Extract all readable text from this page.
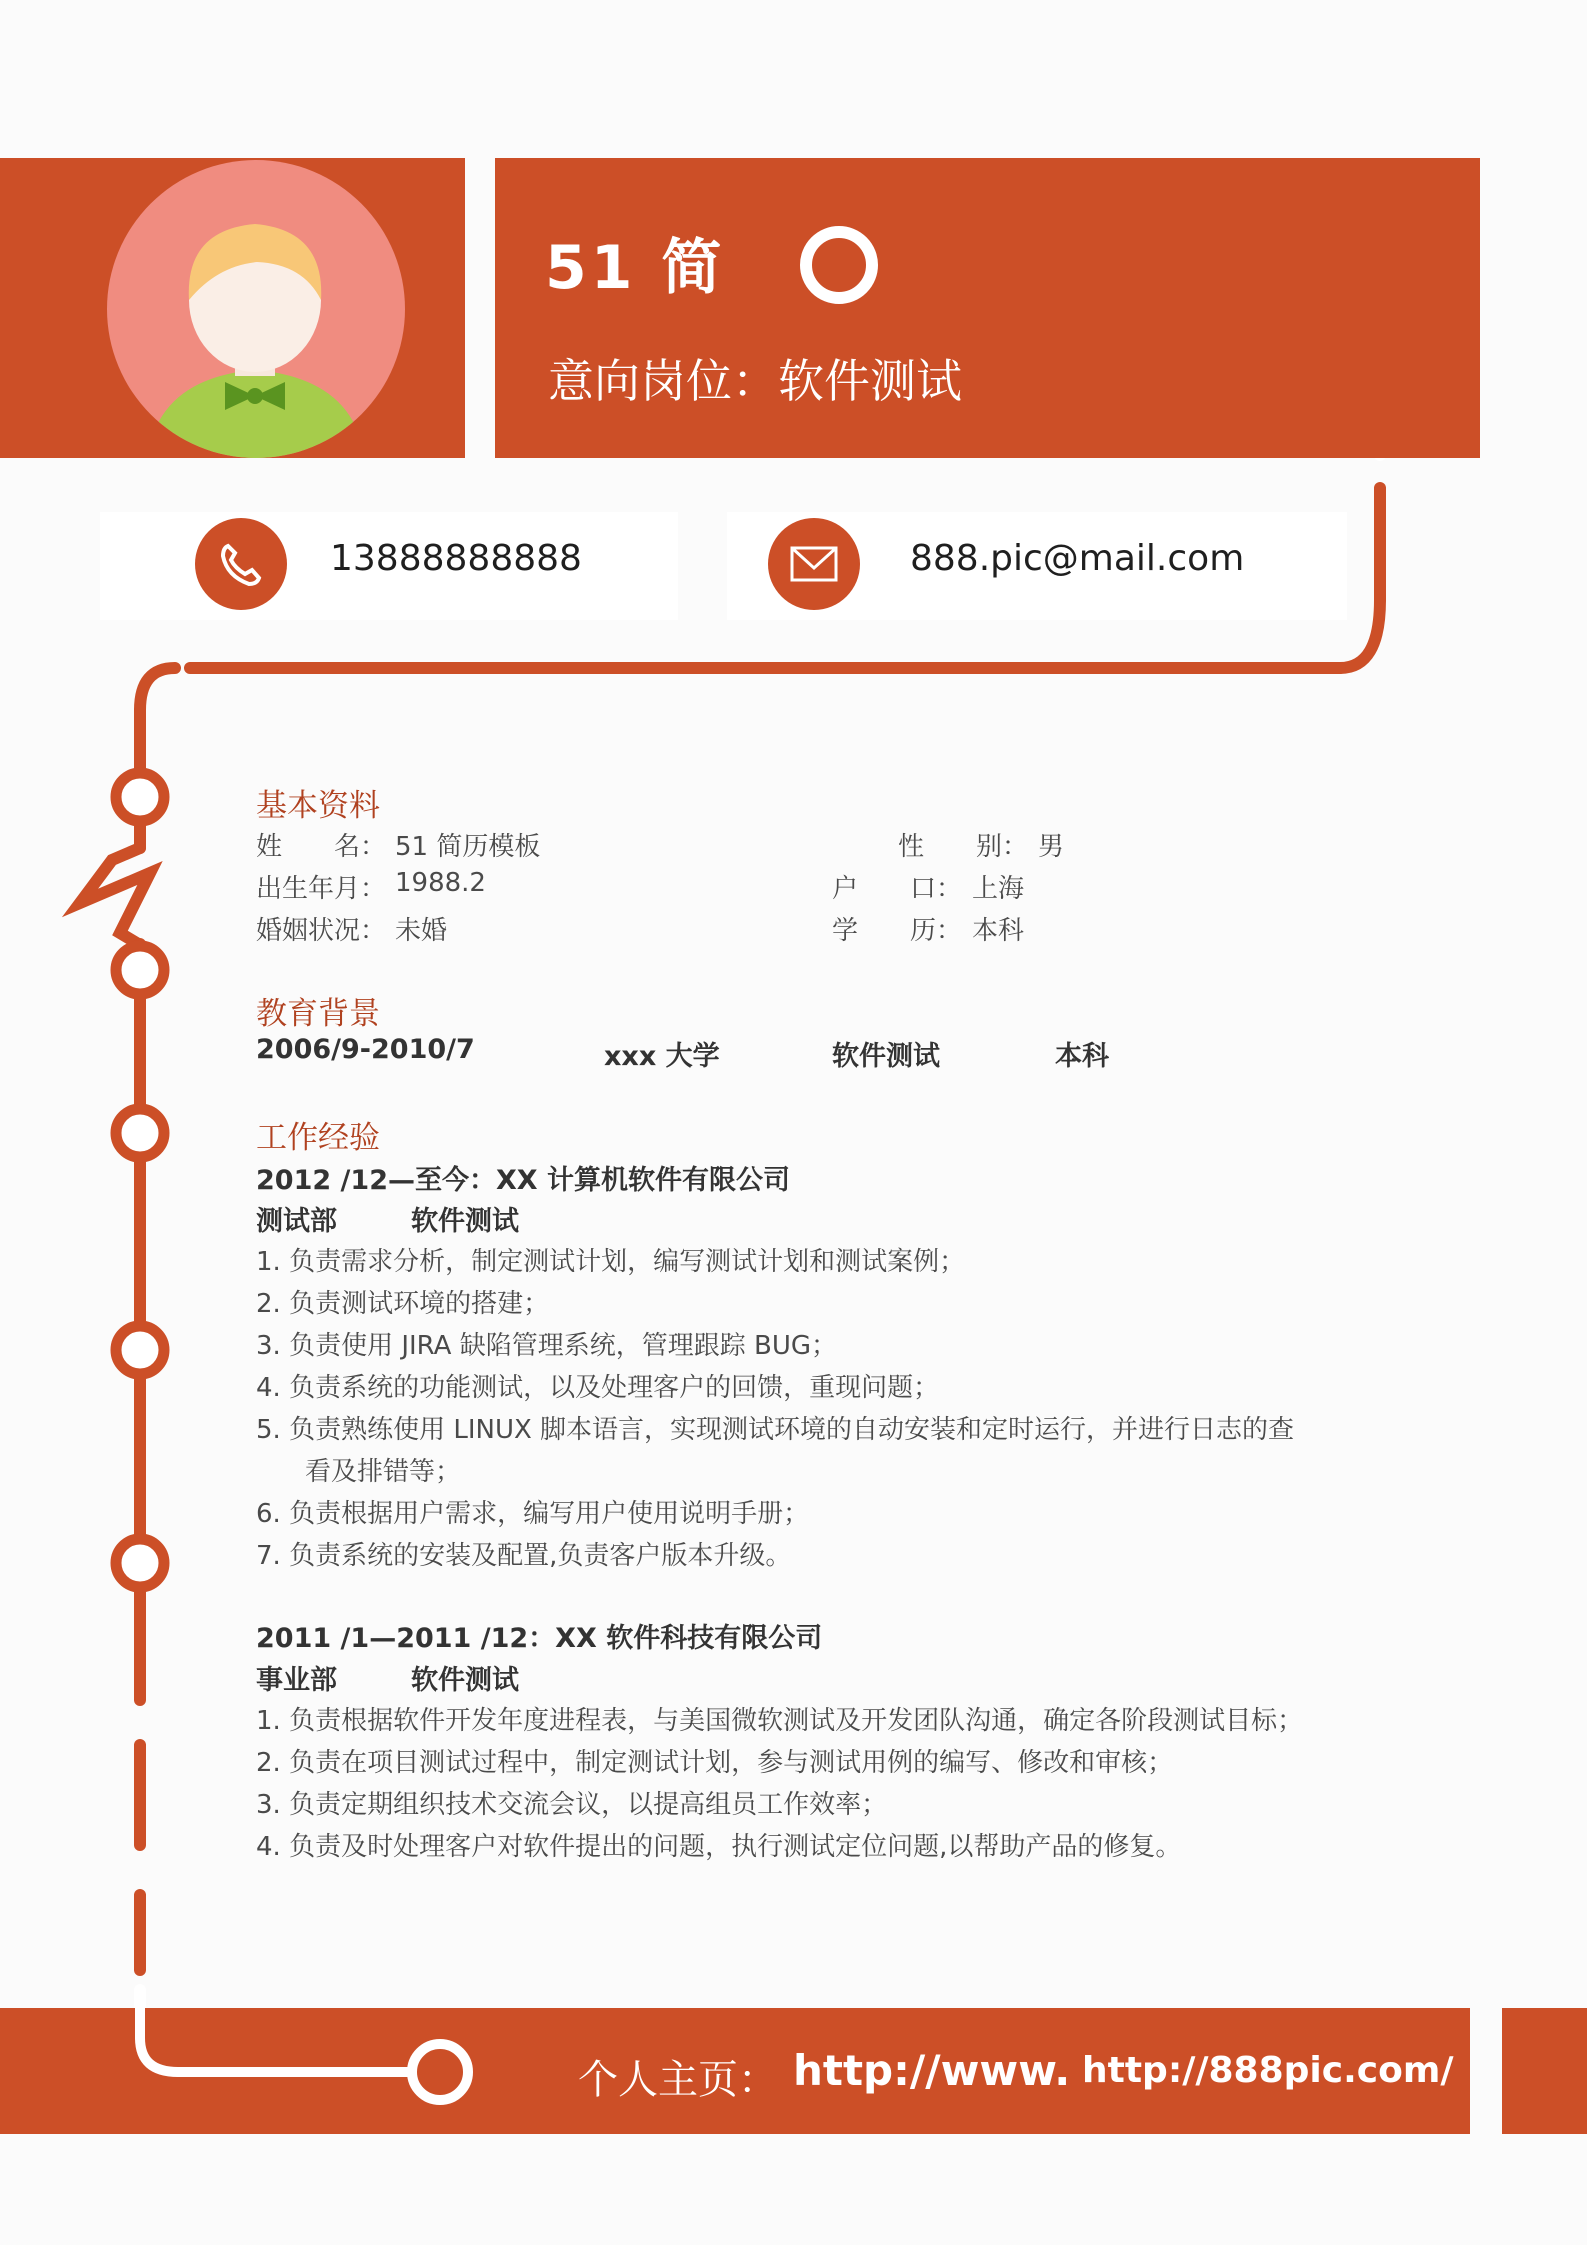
51 简
意向岗位：软件测试
13888888888	888.pic@mail.com
基本资料
姓　　名： 51 简历模板	性　　别： 男
出生年月： 1988.2	户　　口： 上海
婚姻状况： 未婚	学　　历： 本科
教育背景
2006/9-2010/7	xxx 大学	软件测试	本科
工作经验
2012 /12—至今：XX 计算机软件有限公司
测试部	软件测试
1. 负责需求分析，制定测试计划，编写测试计划和测试案例；
2. 负责测试环境的搭建；
3. 负责使用 JIRA 缺陷管理系统，管理跟踪 BUG；
4. 负责系统的功能测试，以及处理客户的回馈，重现问题；
5. 负责熟练使用 LINUX 脚本语言，实现测试环境的自动安装和定时运行，并进行日志的查
看及排错等；
6. 负责根据用户需求，编写用户使用说明手册；
7. 负责系统的安装及配置,负责客户版本升级。
2011 /1—2011 /12：XX 软件科技有限公司
事业部	软件测试
1. 负责根据软件开发年度进程表，与美国微软测试及开发团队沟通，确定各阶段测试目标；
2. 负责在项目测试过程中，制定测试计划，参与测试用例的编写、修改和审核；
3. 负责定期组织技术交流会议，以提高组员工作效率；
4. 负责及时处理客户对软件提出的问题，执行测试定位问题,以帮助产品的修复。
个人主页： http://www. http://888pic.com/
